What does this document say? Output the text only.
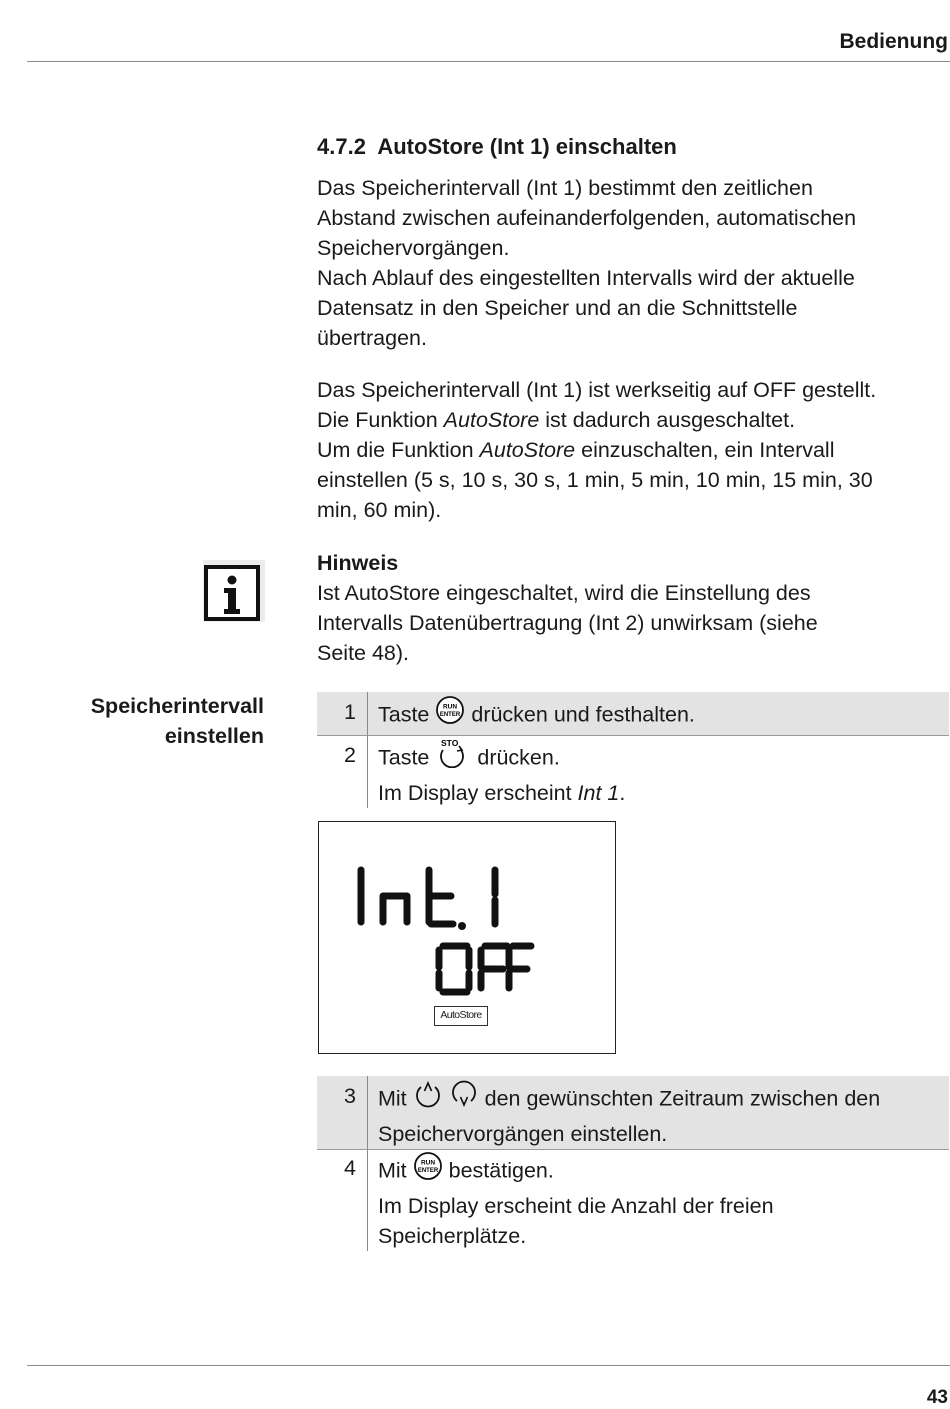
Bedienung
4.7.2 AutoStore (Int 1) einschalten
Das Speicherintervall (Int 1) bestimmt den zeitlichen
Abstand zwischen aufeinanderfolgenden, automatischen
Speichervorgängen.
Nach Ablauf des eingestellten Intervalls wird der aktuelle
Datensatz in den Speicher und an die Schnittstelle
übertragen.
Das Speicherintervall (Int 1) ist werkseitig auf OFF gestellt.
Die Funktion AutoStore ist dadurch ausgeschaltet.
Um die Funktion AutoStore einzuschalten, ein Intervall
einstellen (5 s, 10 s, 30 s, 1 min, 5 min, 10 min, 15 min, 30
min, 60 min).
Hinweis
Ist AutoStore eingeschaltet, wird die Einstellung des
Intervalls Datenübertragung (Int 2) unwirksam (siehe
Seite 48).
Speicherintervall
einstellen
1 Taste RUN
ENTER drücken und festhalten.
2 Taste
STO
drücken.
Im Display erscheint Int 1.
AutoStore
3 Mit	den gewünschten Zeitraum zwischen den
Speichervorgängen einstellen.
4 Mit RUN
ENTER bestätigen.
Im Display erscheint die Anzahl der freien
Speicherplätze.
43
